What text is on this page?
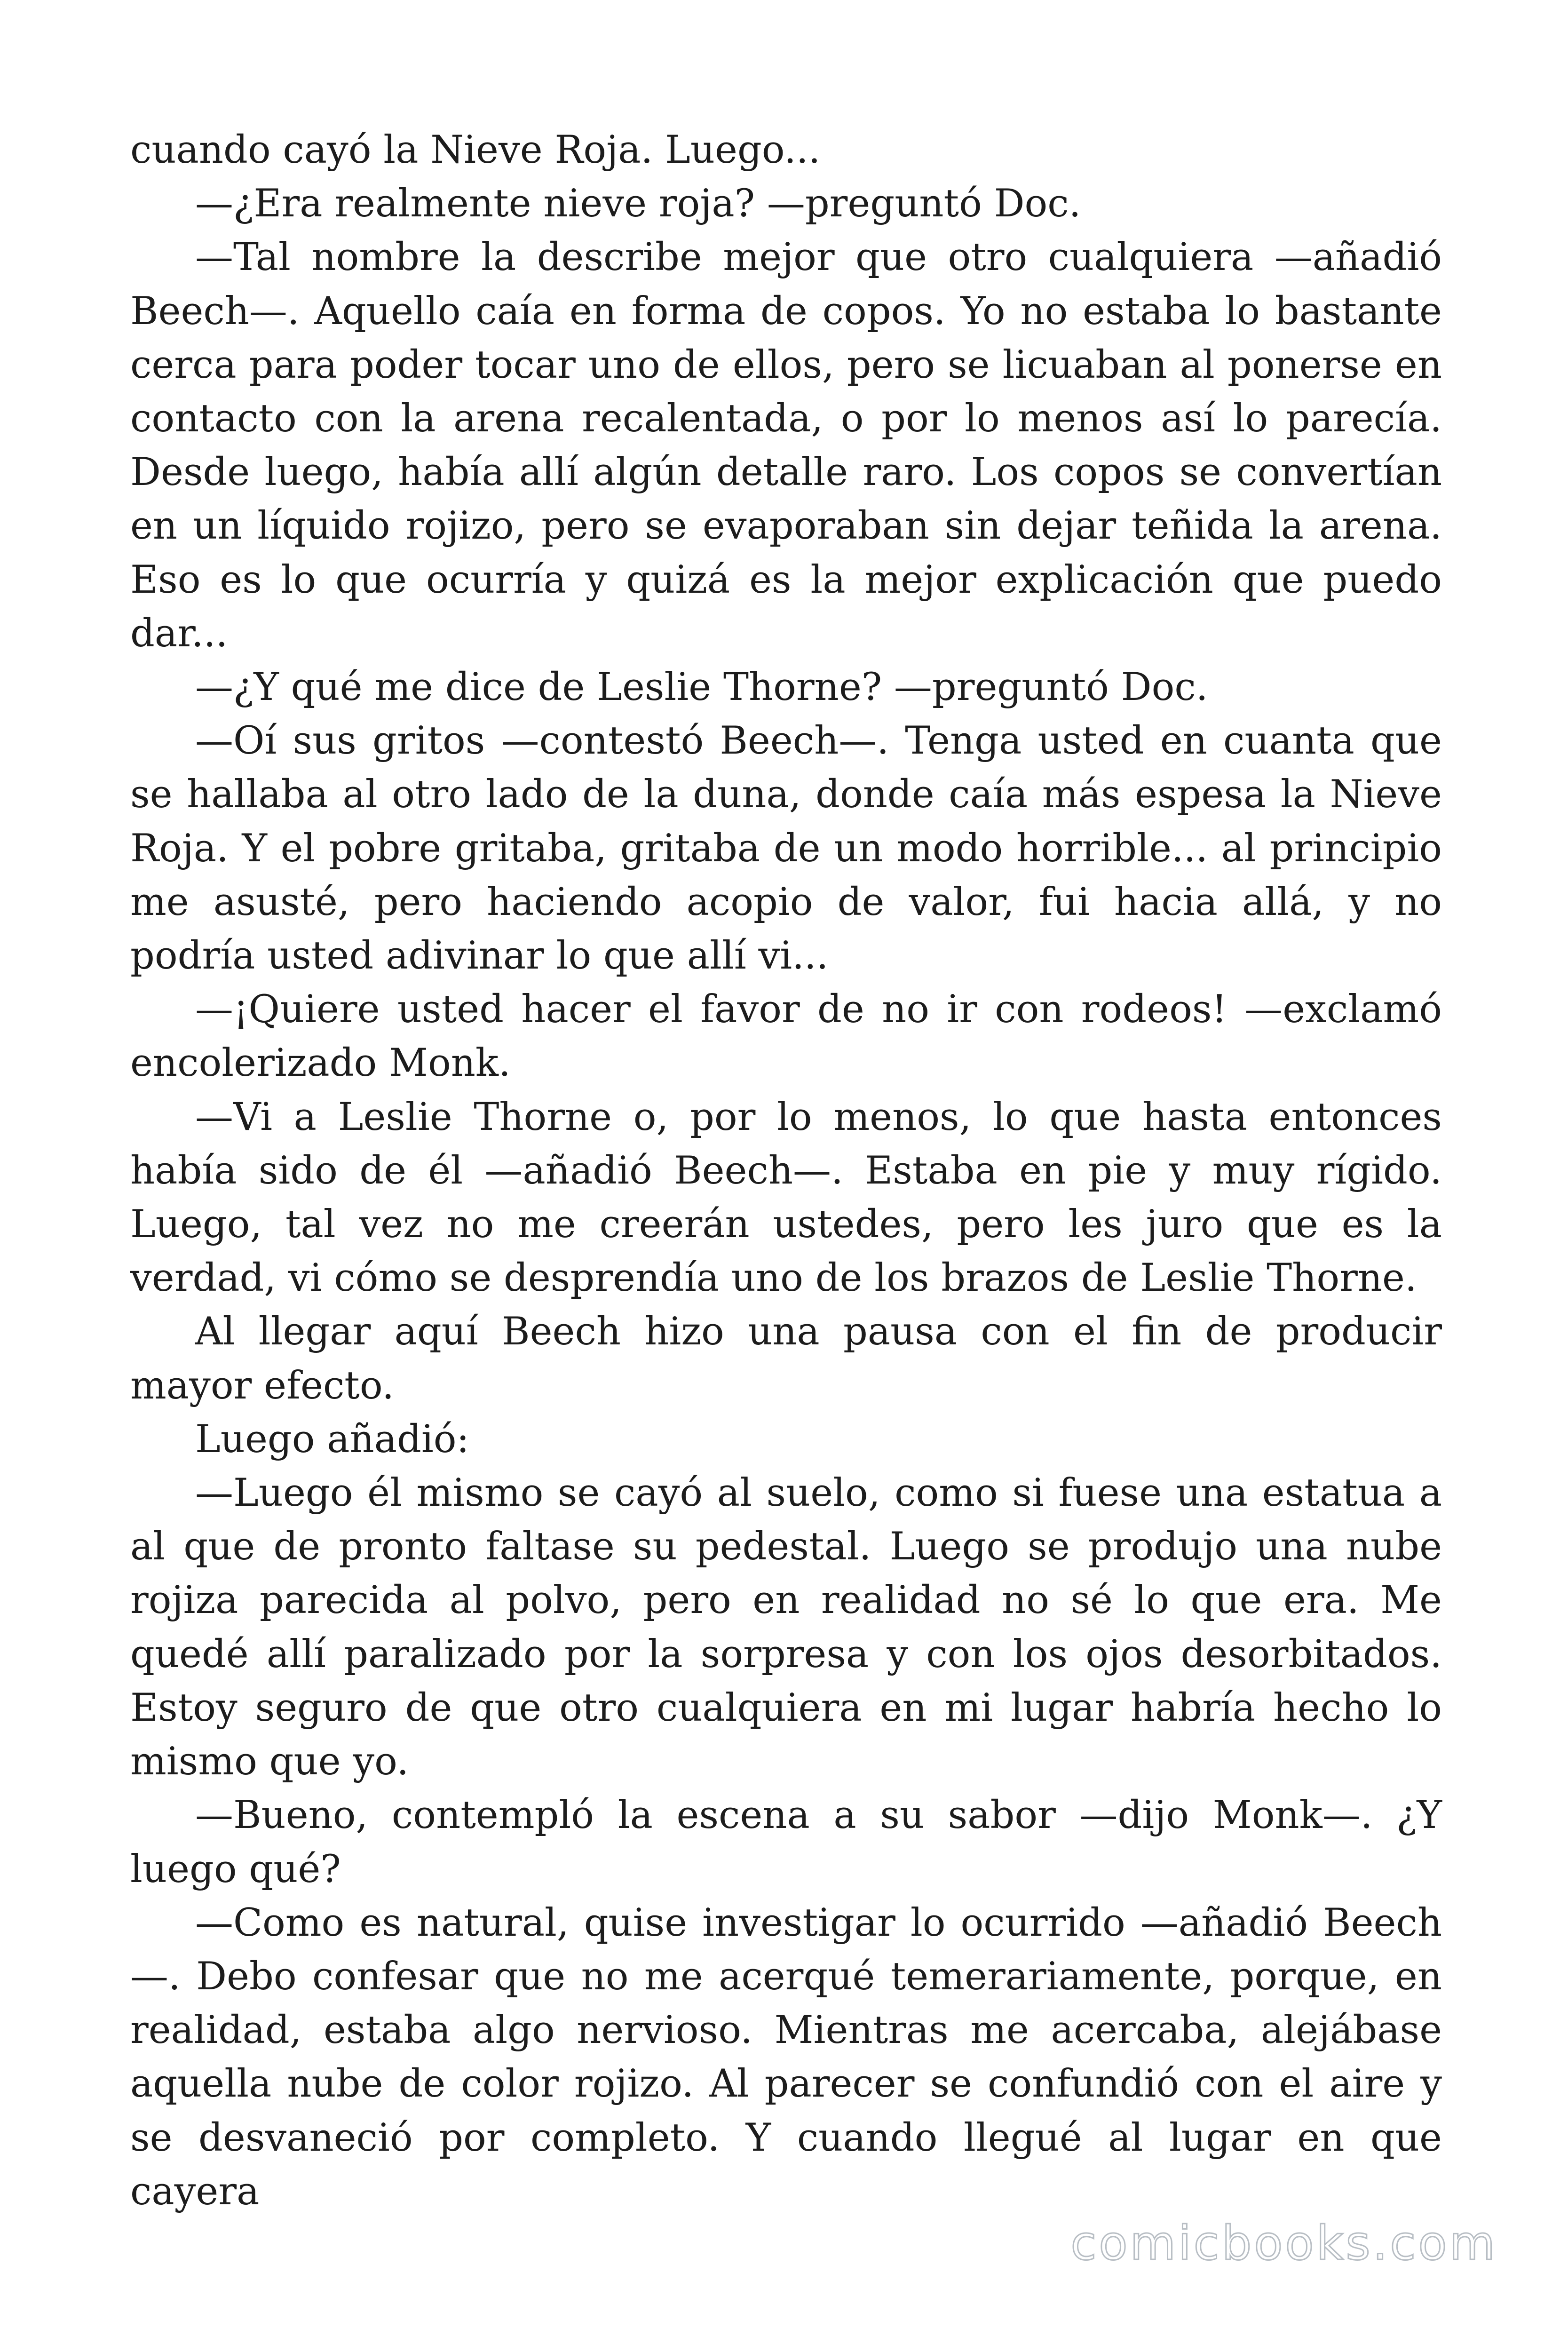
cuando cayó la Nieve Roja. Luego...

—¿Era realmente nieve roja? —preguntó Doc.

—Tal nombre la describe mejor que otro cualquiera —añadió Beech—. Aquello caía en forma de copos. Yo no estaba lo bastante cerca para poder tocar uno de ellos, pero se licuaban al ponerse en contacto con la arena recalentada, o por lo menos así lo parecía. Desde luego, había allí algún detalle raro. Los copos se convertían en un líquido rojizo, pero se evaporaban sin dejar teñida la arena. Eso es lo que ocurría y quizá es la mejor explicación que puedo dar...

—¿Y qué me dice de Leslie Thorne? —preguntó Doc.

—Oí sus gritos —contestó Beech—. Tenga usted en cuanta que se hallaba al otro lado de la duna, donde caía más espesa la Nieve Roja. Y el pobre gritaba, gritaba de un modo horrible... al principio me asusté, pero haciendo acopio de valor, fui hacia allá, y no podría usted adivinar lo que allí vi...

—¡Quiere usted hacer el favor de no ir con rodeos! —exclamó encolerizado Monk.

—Vi a Leslie Thorne o, por lo menos, lo que hasta entonces había sido de él —añadió Beech—. Estaba en pie y muy rígido. Luego, tal vez no me creerán ustedes, pero les juro que es la verdad, vi cómo se desprendía uno de los brazos de Leslie Thorne.

Al llegar aquí Beech hizo una pausa con el fin de producir mayor efecto.

Luego añadió:

—Luego él mismo se cayó al suelo, como si fuese una estatua a al que de pronto faltase su pedestal. Luego se produjo una nube rojiza parecida al polvo, pero en realidad no sé lo que era. Me quedé allí paralizado por la sorpresa y con los ojos desorbitados. Estoy seguro de que otro cualquiera en mi lugar habría hecho lo mismo que yo.

—Bueno, contempló la escena a su sabor —dijo Monk—. ¿Y luego qué?

—Como es natural, quise investigar lo ocurrido —añadió Beech —. Debo confesar que no me acerqué temerariamente, porque, en realidad, estaba algo nervioso. Mientras me acercaba, alejábase aquella nube de color rojizo. Al parecer se confundió con el aire y se desvaneció por completo. Y cuando llegué al lugar en que cayera

comicbooks.com
